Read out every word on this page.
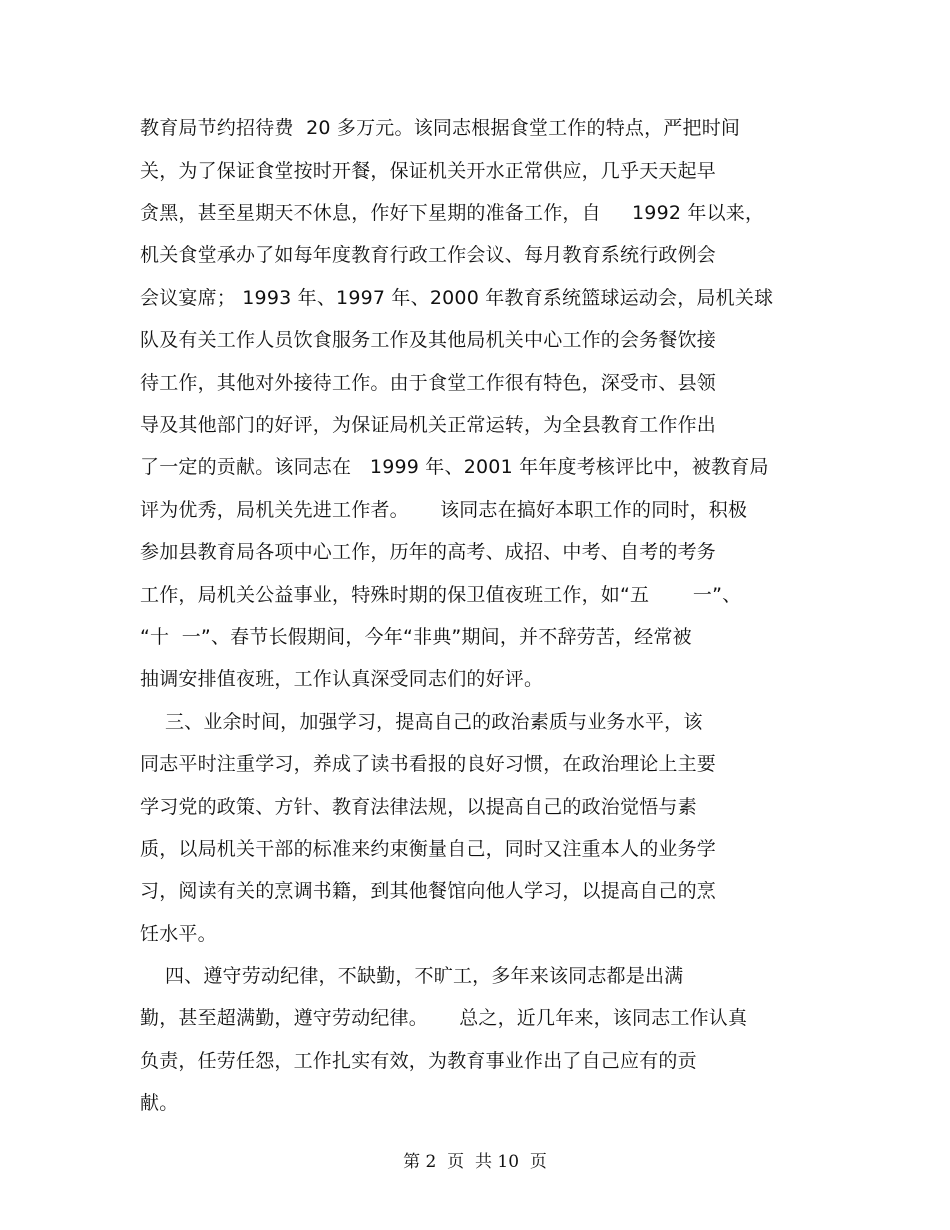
教育局节约招待费  20 多万元。该同志根据食堂工作的特点，严把时间
关，为了保证食堂按时开餐，保证机关开水正常供应，几乎天天起早
贪黑，甚至星期天不休息，作好下星期的准备工作，自     1992 年以来，
机关食堂承办了如每年度教育行政工作会议、每月教育系统行政例会
会议宴席； 1993 年、1997 年、2000 年教育系统篮球运动会，局机关球
队及有关工作人员饮食服务工作及其他局机关中心工作的会务餐饮接
待工作，其他对外接待工作。由于食堂工作很有特色，深受市、县领
导及其他部门的好评，为保证局机关正常运转，为全县教育工作作出
了一定的贡献。该同志在   1999 年、2001 年年度考核评比中，被教育局
评为优秀，局机关先进工作者。     该同志在搞好本职工作的同时，积极
参加县教育局各项中心工作，历年的高考、成招、中考、自考的考务
工作，局机关公益事业，特殊时期的保卫值夜班工作，如“五       一”、
“十  一”、春节长假期间，今年“非典”期间，并不辞劳苦，经常被
抽调安排值夜班，工作认真深受同志们的好评。
三、业余时间，加强学习，提高自己的政治素质与业务水平，该
同志平时注重学习，养成了读书看报的良好习惯，在政治理论上主要
学习党的政策、方针、教育法律法规，以提高自己的政治觉悟与素
质，以局机关干部的标准来约束衡量自己，同时又注重本人的业务学
习，阅读有关的烹调书籍，到其他餐馆向他人学习，以提高自己的烹
饪水平。
四、遵守劳动纪律，不缺勤，不旷工，多年来该同志都是出满
勤，甚至超满勤，遵守劳动纪律。     总之，近几年来，该同志工作认真
负责，任劳任怨，工作扎实有效，为教育事业作出了自己应有的贡
献。
第 2  页  共 10  页
